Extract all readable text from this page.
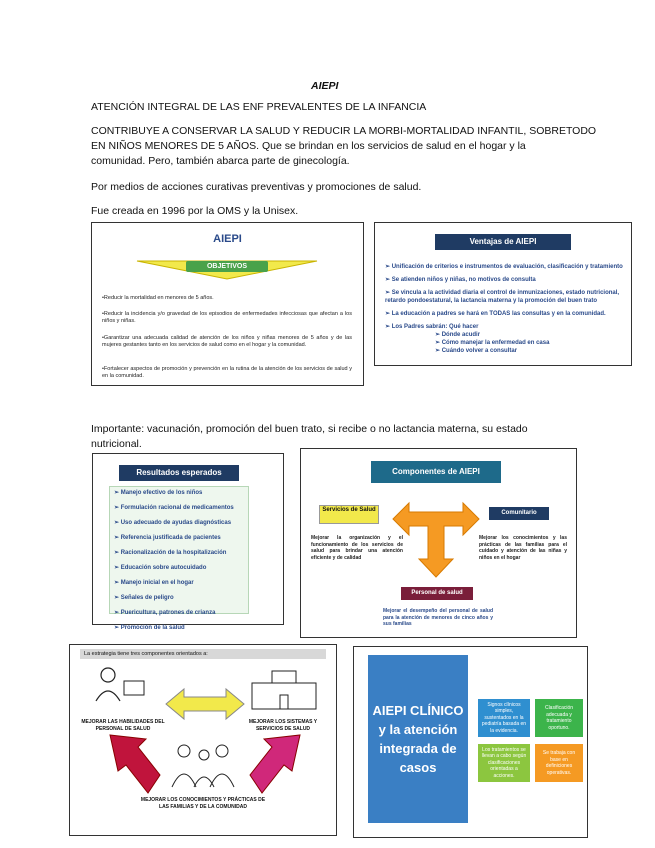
AIEPI
ATENCIÓN INTEGRAL DE LAS ENF PREVALENTES DE LA INFANCIA
CONTRIBUYE A CONSERVAR LA SALUD Y REDUCIR LA MORBI-MORTALIDAD INFANTIL, SOBRETODO
EN NIÑOS MENORES DE 5 AÑOS. Que se brindan en los servicios de salud en el hogar y la
comunidad. Pero, también abarca parte de ginecología.
Por medios de acciones curativas preventivas y promociones de salud.
Fue creada en 1996 por la OMS y la Unisex.
AIEPI
OBJETIVOS
•Reducir la mortalidad en menores de 5 años.
•Reducir la incidencia y/o gravedad de los episodios de enfermedades infecciosas que afectan a los niños y niñas.
•Garantizar una adecuada calidad de atención de los niños y niñas menores de 5 años y de las mujeres gestantes tanto en los servicios de salud como en el hogar y la comunidad.
•Fortalecer aspectos de promoción y prevención en la rutina de la atención de los servicios de salud y en la comunidad.
Ventajas de AIEPI
➢ Unificación de criterios e instrumentos de evaluación, clasificación y tratamiento
➢ Se atienden niños y niñas, no motivos de consulta
➢ Se vincula a la actividad diaria el control de inmunizaciones, estado nutricional, retardo pondoestatural, la lactancia materna y la promoción del buen trato
➢ La educación a padres se hará en TODAS las consultas y en la comunidad.
➢ Los Padres sabrán: Qué hacer
➢ Dónde acudir
➢ Cómo manejar la enfermedad en casa
➢ Cuándo volver a consultar
Importante: vacunación, promoción del buen trato, si recibe o no lactancia materna, su estado
nutricional.
Resultados esperados
➢ Manejo efectivo de los niños
➢ Formulación racional de medicamentos
➢ Uso adecuado de ayudas diagnósticas
➢ Referencia justificada de pacientes
➢ Racionalización de la hospitalización
➢ Educación sobre autocuidado
➢ Manejo inicial en el hogar
➢ Señales de peligro
➢ Puericultura, patrones de crianza
➢ Promoción de la salud
Componentes de AIEPI
Servicios de Salud
Mejorar la organización y el funcionamiento de los servicios de salud para brindar una atención eficiente y de calidad
Comunitario
Mejorar los conocimientos y las prácticas de las familias para el cuidado y atención de las niñas y niños en el hogar
Personal de salud
Mejorar el desempeño del personal de salud para la atención de menores de cinco años y sus familias
La estrategia tiene tres componentes orientados a:
MEJORAR LAS HABILIDADES DEL PERSONAL DE SALUD
MEJORAR LOS SISTEMAS Y SERVICIOS DE SALUD
MEJORAR LOS CONOCIMIENTOS Y PRÁCTICAS DE LAS FAMILIAS Y DE LA COMUNIDAD
AIEPI CLÍNICO y la atención integrada de casos
Signos clínicos simples, sustentados en la pediatría basada en la evidencia.
Clasificación adecuada y tratamiento oportuno.
Los tratamientos se llevan a cabo según clasificaciones orientadas a acciones.
Se trabaja con base en definiciones operativas.
